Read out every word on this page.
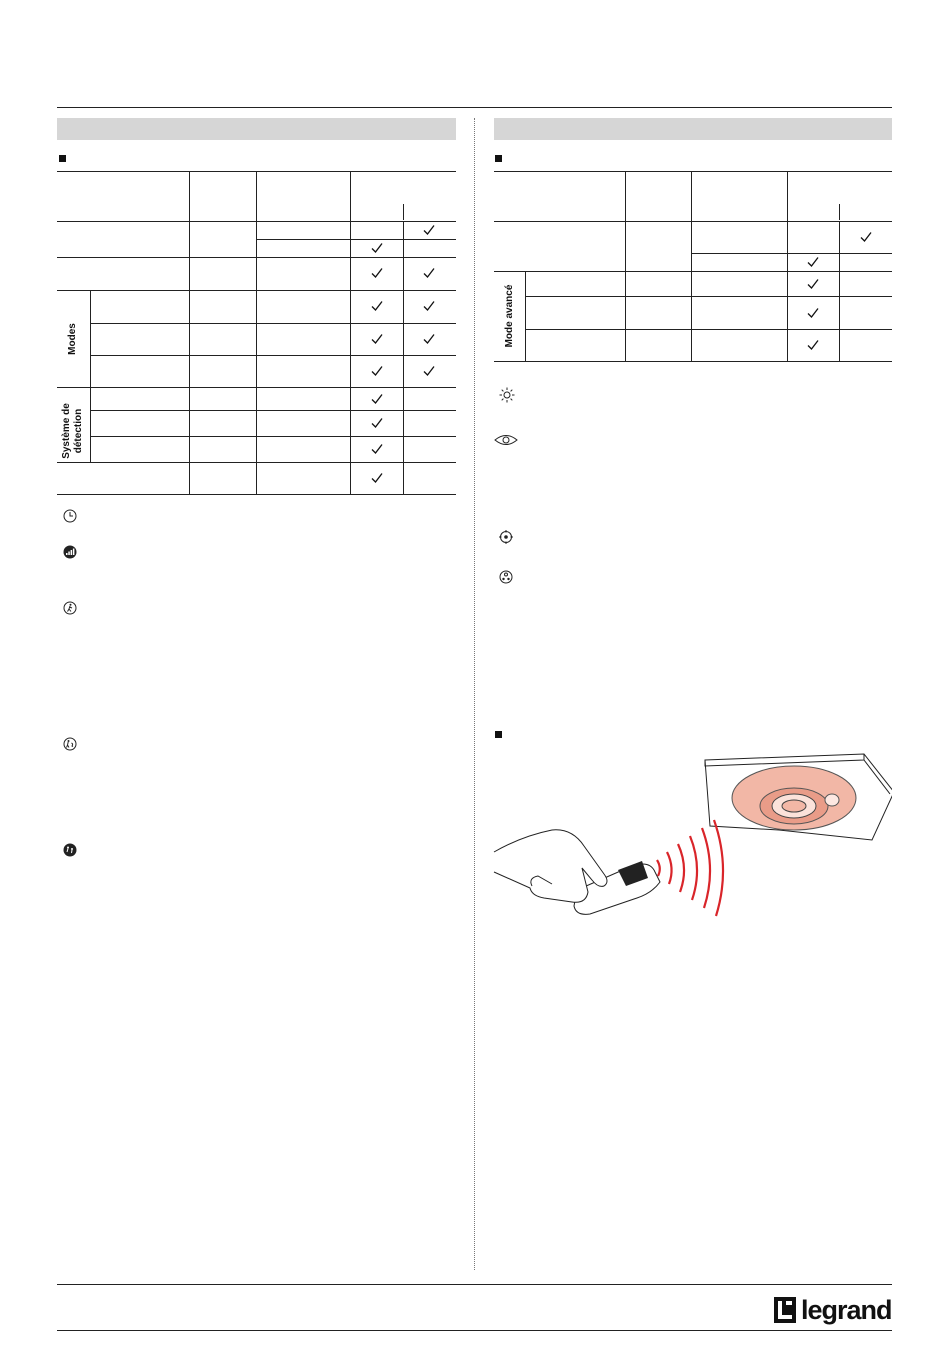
Modes
Système de détection
Mode avancé
legrand
